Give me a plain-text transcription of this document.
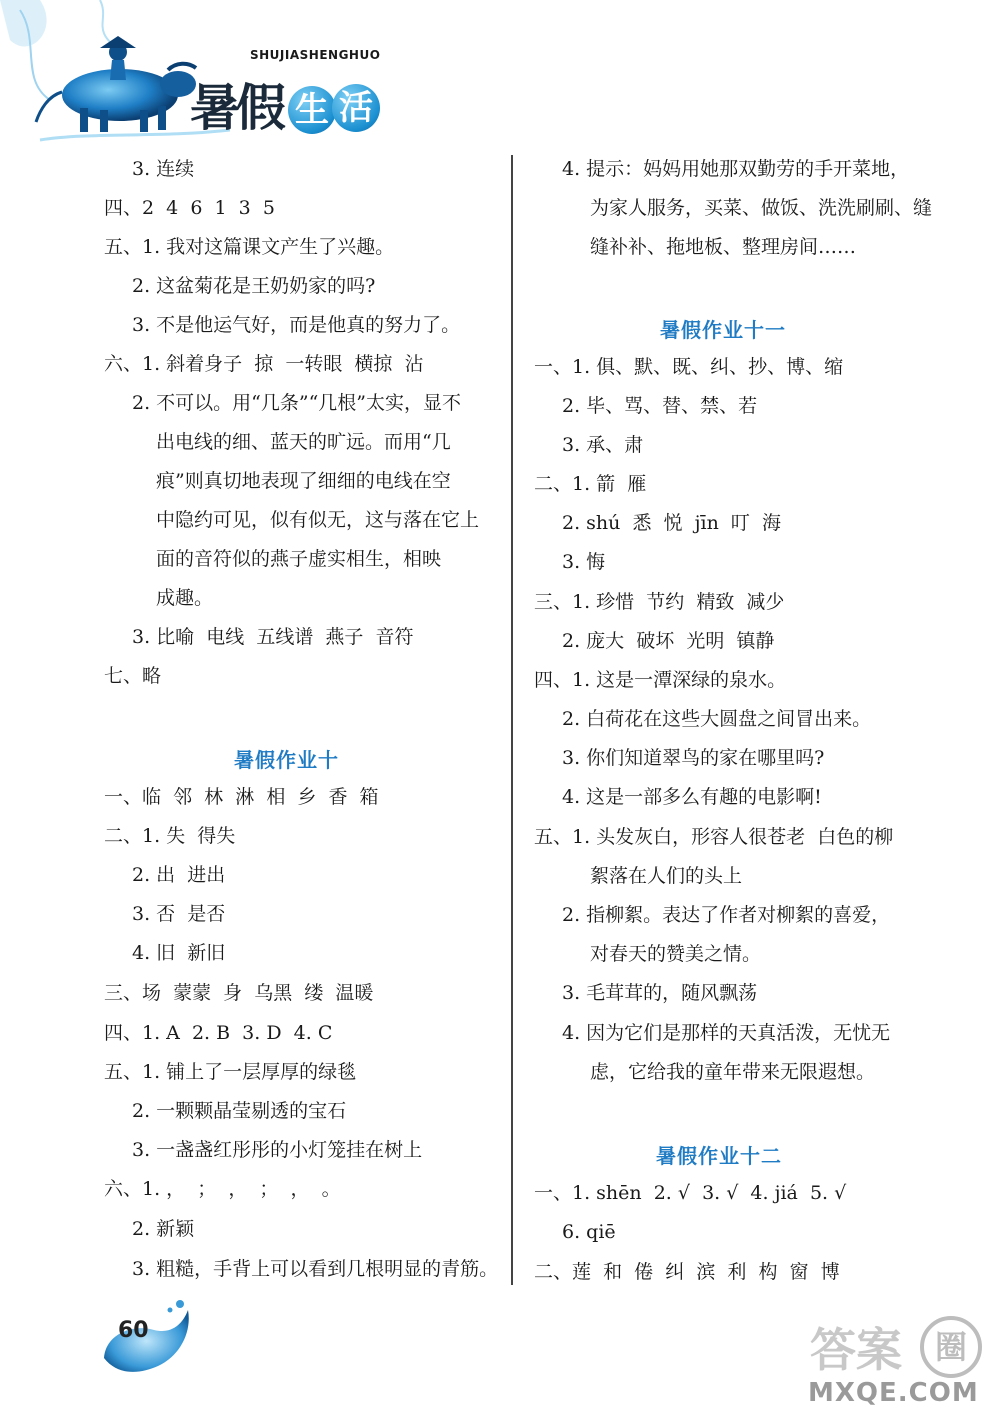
SHUJIASHENGHUO
暑假 生 活
3. 连续
四、2  4  6  1  3  5
五、1. 我对这篇课文产生了兴趣。
2. 这盆菊花是王奶奶家的吗?
3. 不是他运气好，而是他真的努力了。
六、1. 斜着身子  掠  一转眼  横掠  沾
2. 不可以。用“几条”“几根”太实，显不
出电线的细、蓝天的旷远。而用“几
痕”则真切地表现了细细的电线在空
中隐约可见，似有似无，这与落在它上
面的音符似的燕子虚实相生，相映
成趣。
3. 比喻  电线  五线谱  燕子  音符
七、略
暑假作业十
一、临  邻  林  淋  相  乡  香  箱
二、1. 失  得失
2. 出  进出
3. 否  是否
4. 旧  新旧
三、场  蒙蒙  身  乌黑  缕  温暖
四、1. A  2. B  3. D  4. C
五、1. 铺上了一层厚厚的绿毯
2. 一颗颗晶莹剔透的宝石
3. 一盏盏红彤彤的小灯笼挂在树上
六、1. ，  ；  ，  ；  ，  。
2. 新颖
3. 粗糙，手背上可以看到几根明显的青筋。
4. 提示：妈妈用她那双勤劳的手开菜地，
为家人服务，买菜、做饭、洗洗刷刷、缝
缝补补、拖地板、整理房间……
暑假作业十一
一、1. 俱、默、既、纠、抄、博、缩
2. 毕、骂、替、禁、若
3. 承、肃
二、1. 箭  雁
2. shú  悉  悦  jīn  叮  海
3. 悔
三、1. 珍惜  节约  精致  减少
2. 庞大  破坏  光明  镇静
四、1. 这是一潭深绿的泉水。
2. 白荷花在这些大圆盘之间冒出来。
3. 你们知道翠鸟的家在哪里吗?
4. 这是一部多么有趣的电影啊!
五、1. 头发灰白，形容人很苍老  白色的柳
絮落在人们的头上
2. 指柳絮。表达了作者对柳絮的喜爱，
对春天的赞美之情。
3. 毛茸茸的，随风飘荡
4. 因为它们是那样的天真活泼，无忧无
虑，它给我的童年带来无限遐想。
暑假作业十二
一、1. shēn  2. √  3. √  4. jiá  5. √
6. qiē
二、莲  和  倦  纠  滨  利  构  窗  博
60	答案	圈
MXQE.COM
